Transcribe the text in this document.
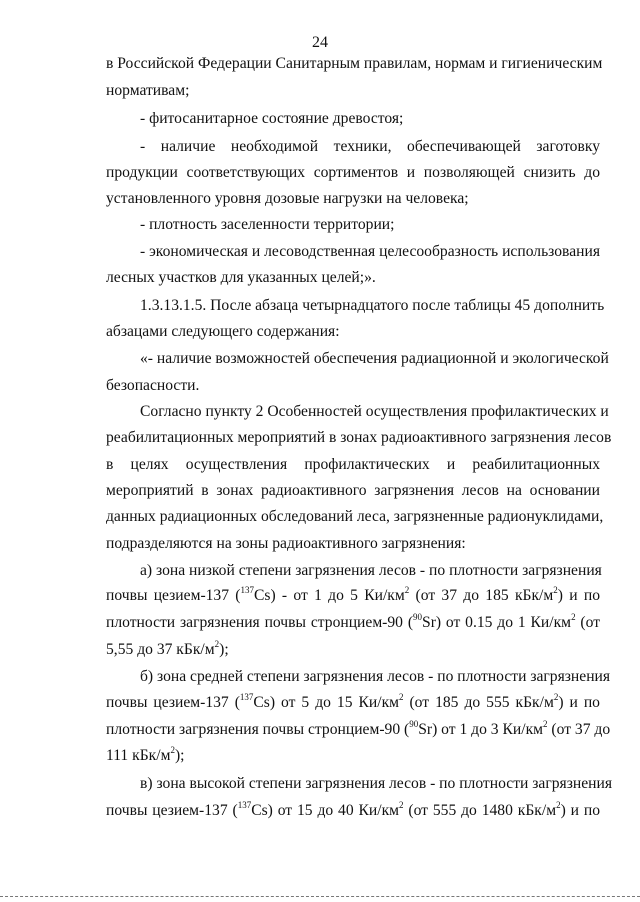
24
в Российской Федерации Санитарным правилам, нормам и гигиеническим
нормативам;
- фитосанитарное состояние древостоя;
- наличие необходимой техники, обеспечивающей заготовку
продукции соответствующих сортиментов и позволяющей снизить до
установленного уровня дозовые нагрузки на человека;
- плотность заселенности территории;
- экономическая и лесоводственная целесообразность использования
лесных участков для указанных целей;».
1.3.13.1.5. После абзаца четырнадцатого после таблицы 45 дополнить
абзацами следующего содержания:
«- наличие возможностей обеспечения радиационной и экологической
безопасности.
Согласно пункту 2 Особенностей осуществления профилактических и
реабилитационных мероприятий в зонах радиоактивного загрязнения лесов
в целях осуществления профилактических и реабилитационных
мероприятий в зонах радиоактивного загрязнения лесов на основании
данных радиационных обследований леса, загрязненные радионуклидами,
подразделяются на зоны радиоактивного загрязнения:
а) зона низкой степени загрязнения лесов - по плотности загрязнения
почвы цезием-137 ($^{137}$Cs) - от 1 до 5 $Ки/км^2$ (от 37 до 185 кБк/$м^2$) и по
плотности загрязнения почвы стронцием-90 ($^{90}$Sr) от 0.15 до 1 $Ки/км^2$ (от
5,55 до 37 кБк/$м^2$);
б) зона средней степени загрязнения лесов - по плотности загрязнения
почвы цезием-137 ($^{137}$Cs) от 5 до 15 $Ки/км^2$ (от 185 до 555 кБк/$м^2$) и по
плотности загрязнения почвы стронцием-90 ($^{90}$Sr) от 1 до 3 $Ки/км^2$ (от 37 до
111 кБк/$м^2$);
в) зона высокой степени загрязнения лесов - по плотности загрязнения
почвы цезием-137 ($^{137}$Cs) от 15 до 40 $Ки/км^2$ (от 555 до 1480 кБк/$м^2$) и по
